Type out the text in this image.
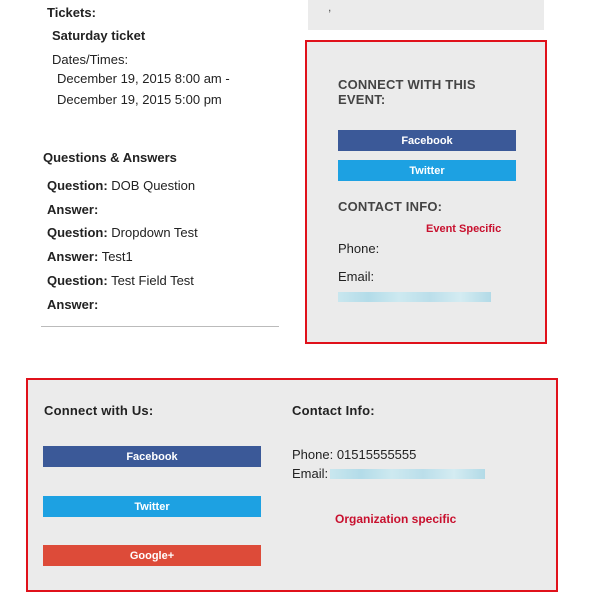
Tickets:
Saturday ticket
Dates/Times:
December 19, 2015 8:00 am -
December 19, 2015 5:00 pm
Questions & Answers
Question: DOB Question
Answer:
Question: Dropdown Test
Answer: Test1
Question: Test Field Test
Answer:
,
CONNECT WITH THIS
EVENT:
Facebook
Twitter
CONTACT INFO:
Event Specific
Phone:
Email:
Connect with Us:
Facebook
Twitter
Google+
Contact Info:
Phone: 01515555555
Email:
Organization specific
